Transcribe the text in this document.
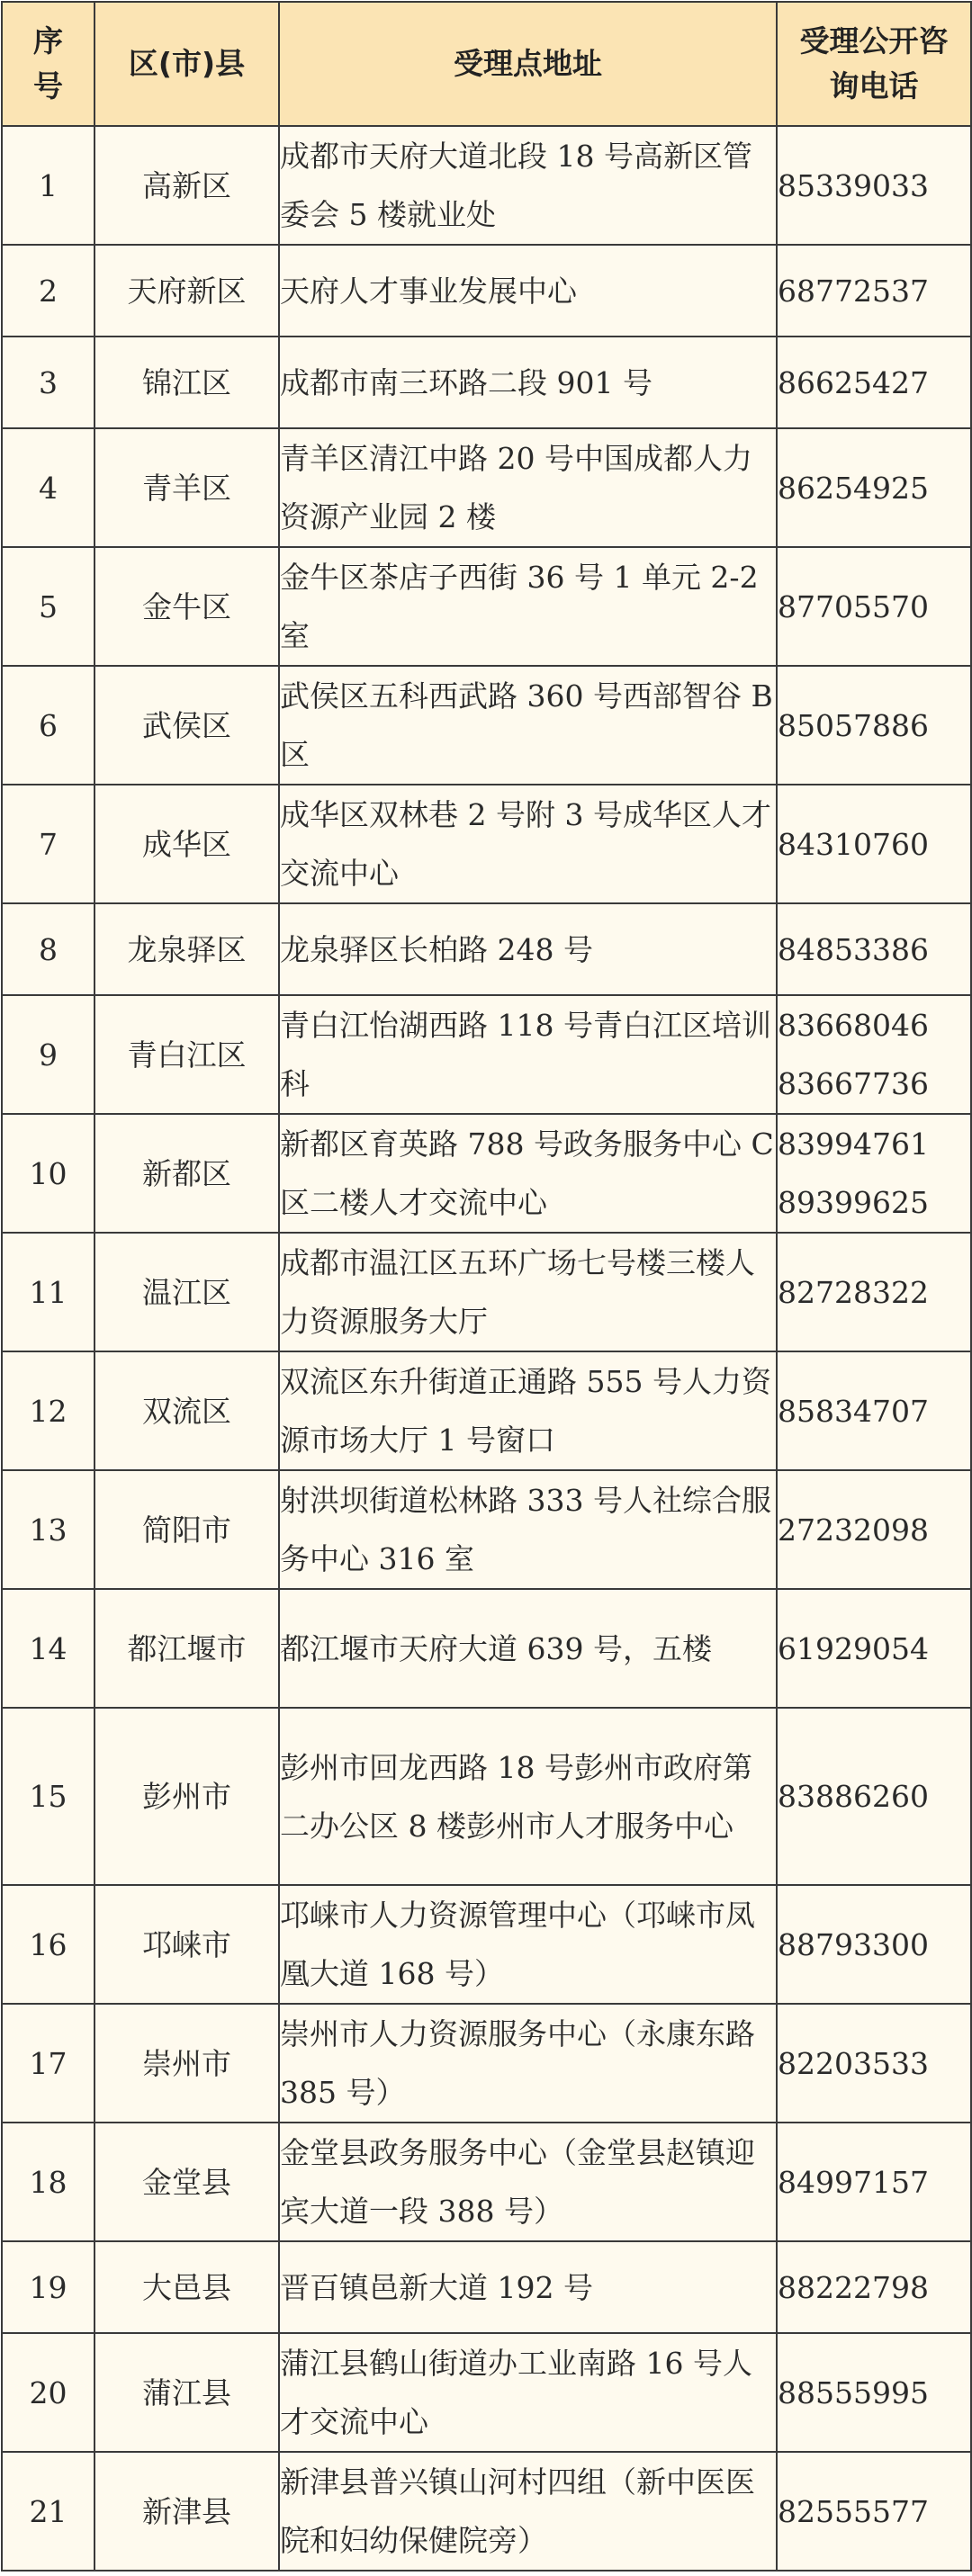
序号	区(市)县	受理点地址	受理公开咨询电话
1	高新区	成都市天府大道北段 18 号高新区管委会 5 楼就业处	85339033

2	天府新区	天府人才事业发展中心	68772537

3	锦江区	成都市南三环路二段 901 号	86625427

4	青羊区	青羊区清江中路 20 号中国成都人力资源产业园 2 楼	86254925

5	金牛区	金牛区茶店子西街 36 号 1 单元 2-2 室	87705570

6	武侯区	武侯区五科西武路 360 号西部智谷 B 区	85057886

7	成华区	成华区双林巷 2 号附 3 号成华区人才交流中心	84310760

8	龙泉驿区	龙泉驿区长柏路 248 号	84853386

9	青白江区	青白江怡湖西路 118 号青白江区培训科	83668046
83667736

10	新都区	新都区育英路 788 号政务服务中心 C 区二楼人才交流中心	83994761
89399625

11	温江区	成都市温江区五环广场七号楼三楼人力资源服务大厅	82728322

12	双流区	双流区东升街道正通路 555 号人力资源市场大厅 1 号窗口	85834707

13	简阳市	射洪坝街道松林路 333 号人社综合服务中心 316 室	27232098

14	都江堰市	都江堰市天府大道 639 号，五楼	61929054

15	彭州市	彭州市回龙西路 18 号彭州市政府第二办公区 8 楼彭州市人才服务中心	83886260

16	邛崃市	邛崃市人力资源管理中心（邛崃市凤凰大道 168 号）	88793300

17	崇州市	崇州市人力资源服务中心（永康东路 385 号）	82203533

18	金堂县	金堂县政务服务中心（金堂县赵镇迎宾大道一段 388 号）	84997157

19	大邑县	晋百镇邑新大道 192 号	88222798

20	蒲江县	蒲江县鹤山街道办工业南路 16 号人才交流中心	88555995

21	新津县	新津县普兴镇山河村四组（新中医医院和妇幼保健院旁）	82555577
